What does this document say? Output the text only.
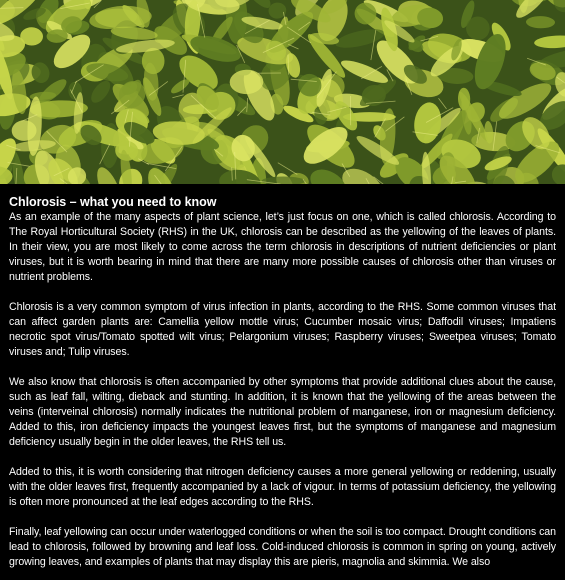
Chlorosis – what you need to know

As an example of the many aspects of plant science, let’s just focus on one, which is called chlorosis. According to The Royal Horticultural Society (RHS) in the UK, chlorosis can be described as the yellowing of the leaves of plants. In their view, you are most likely to come across the term chlorosis in descriptions of nutrient deficiencies or plant viruses, but it is worth bearing in mind that there are many more possible causes of chlorosis other than viruses or nutrient problems.

Chlorosis is a very common symptom of virus infection in plants, according to the RHS. Some common viruses that can affect garden plants are: Camellia yellow mottle virus; Cucumber mosaic virus; Daffodil viruses; Impatiens necrotic spot virus/Tomato spotted wilt virus; Pelargonium viruses; Raspberry viruses; Sweetpea viruses; Tomato viruses and; Tulip viruses.

We also know that chlorosis is often accompanied by other symptoms that provide additional clues about the cause, such as leaf fall, wilting, dieback and stunting. In addition, it is known that the yellowing of the areas between the veins (interveinal chlorosis) normally indicates the nutritional problem of manganese, iron or magnesium deficiency. Added to this, iron deficiency impacts the youngest leaves first, but the symptoms of manganese and magnesium deficiency usually begin in the older leaves, the RHS tell us.

Added to this, it is worth considering that nitrogen deficiency causes a more general yellowing or reddening, usually with the older leaves first, frequently accompanied by a lack of vigour. In terms of potassium deficiency, the yellowing is often more pronounced at the leaf edges according to the RHS.

Finally, leaf yellowing can occur under waterlogged conditions or when the soil is too compact. Drought conditions can lead to chlorosis, followed by browning and leaf loss. Cold-induced chlorosis is common in spring on young, actively growing leaves, and examples of plants that may display this are pieris, magnolia and skimmia. We also
